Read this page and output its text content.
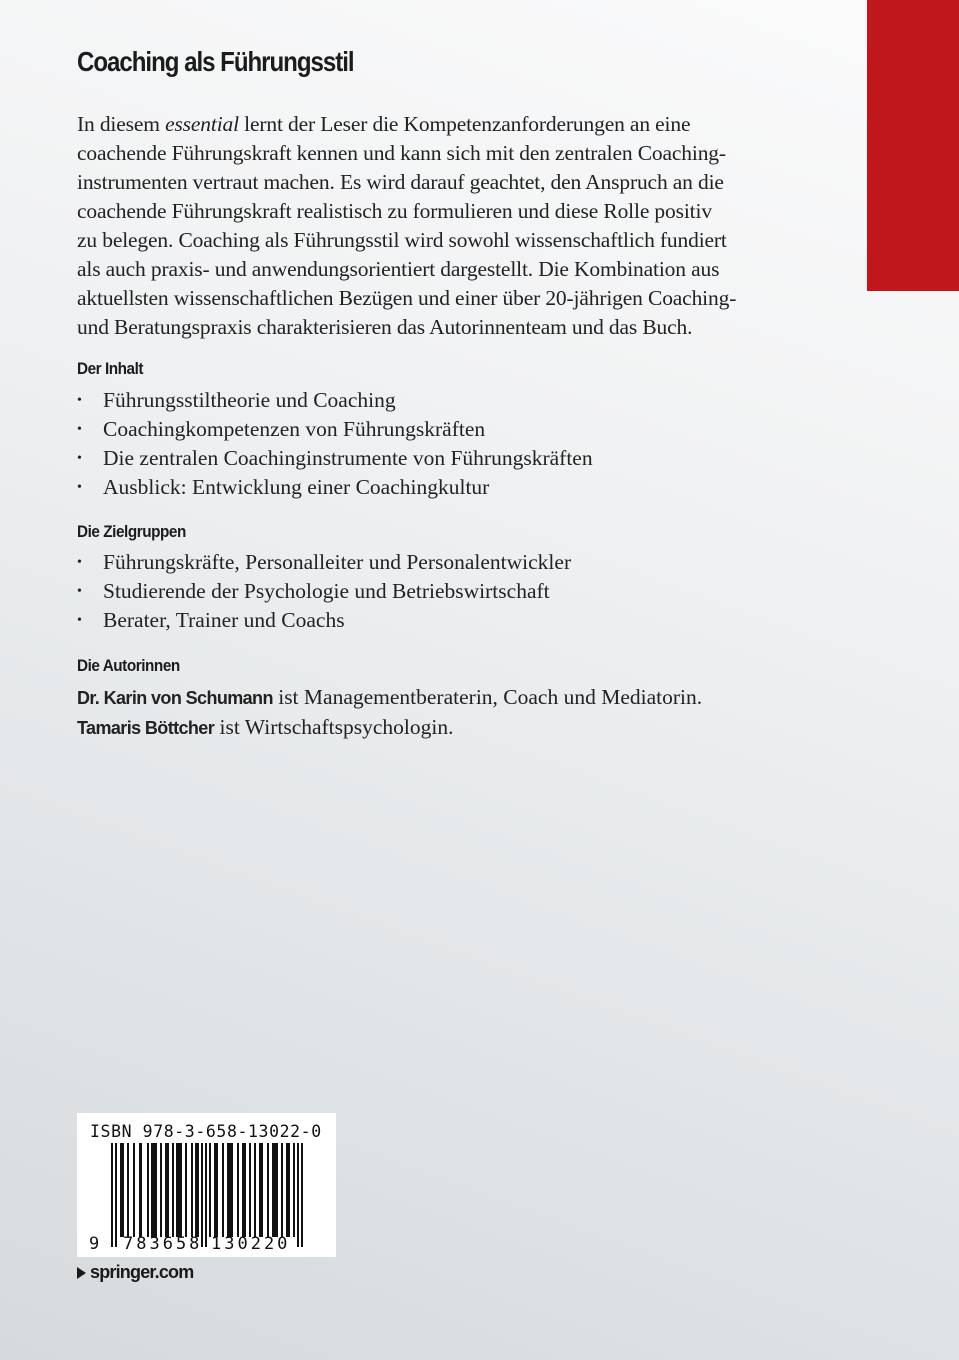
Coaching als Führungsstil
In diesem essential lernt der Leser die Kompetenzanforderungen an eine
coachende Führungskraft kennen und kann sich mit den zentralen Coaching-
instrumenten vertraut machen. Es wird darauf geachtet, den Anspruch an die
coachende Führungskraft realistisch zu formulieren und diese Rolle positiv
zu belegen. Coaching als Führungsstil wird sowohl wissenschaftlich fundiert
als auch praxis- und anwendungsorientiert dargestellt. Die Kombination aus
aktuellsten wissenschaftlichen Bezügen und einer über 20-jährigen Coaching-
und Beratungspraxis charakterisieren das Autorinnenteam und das Buch.
Der Inhalt
• Führungsstiltheorie und Coaching
• Coachingkompetenzen von Führungskräften
• Die zentralen Coachinginstrumente von Führungskräften
• Ausblick: Entwicklung einer Coachingkultur
Die Zielgruppen
• Führungskräfte, Personalleiter und Personalentwickler
• Studierende der Psychologie und Betriebswirtschaft
• Berater, Trainer und Coachs
Die Autorinnen
Dr. Karin von Schumann ist Managementberaterin, Coach und Mediatorin.
Tamaris Böttcher ist Wirtschaftspsychologin.
ISBN 978-3-658-13022-0
9 783658 130220
springer.com
